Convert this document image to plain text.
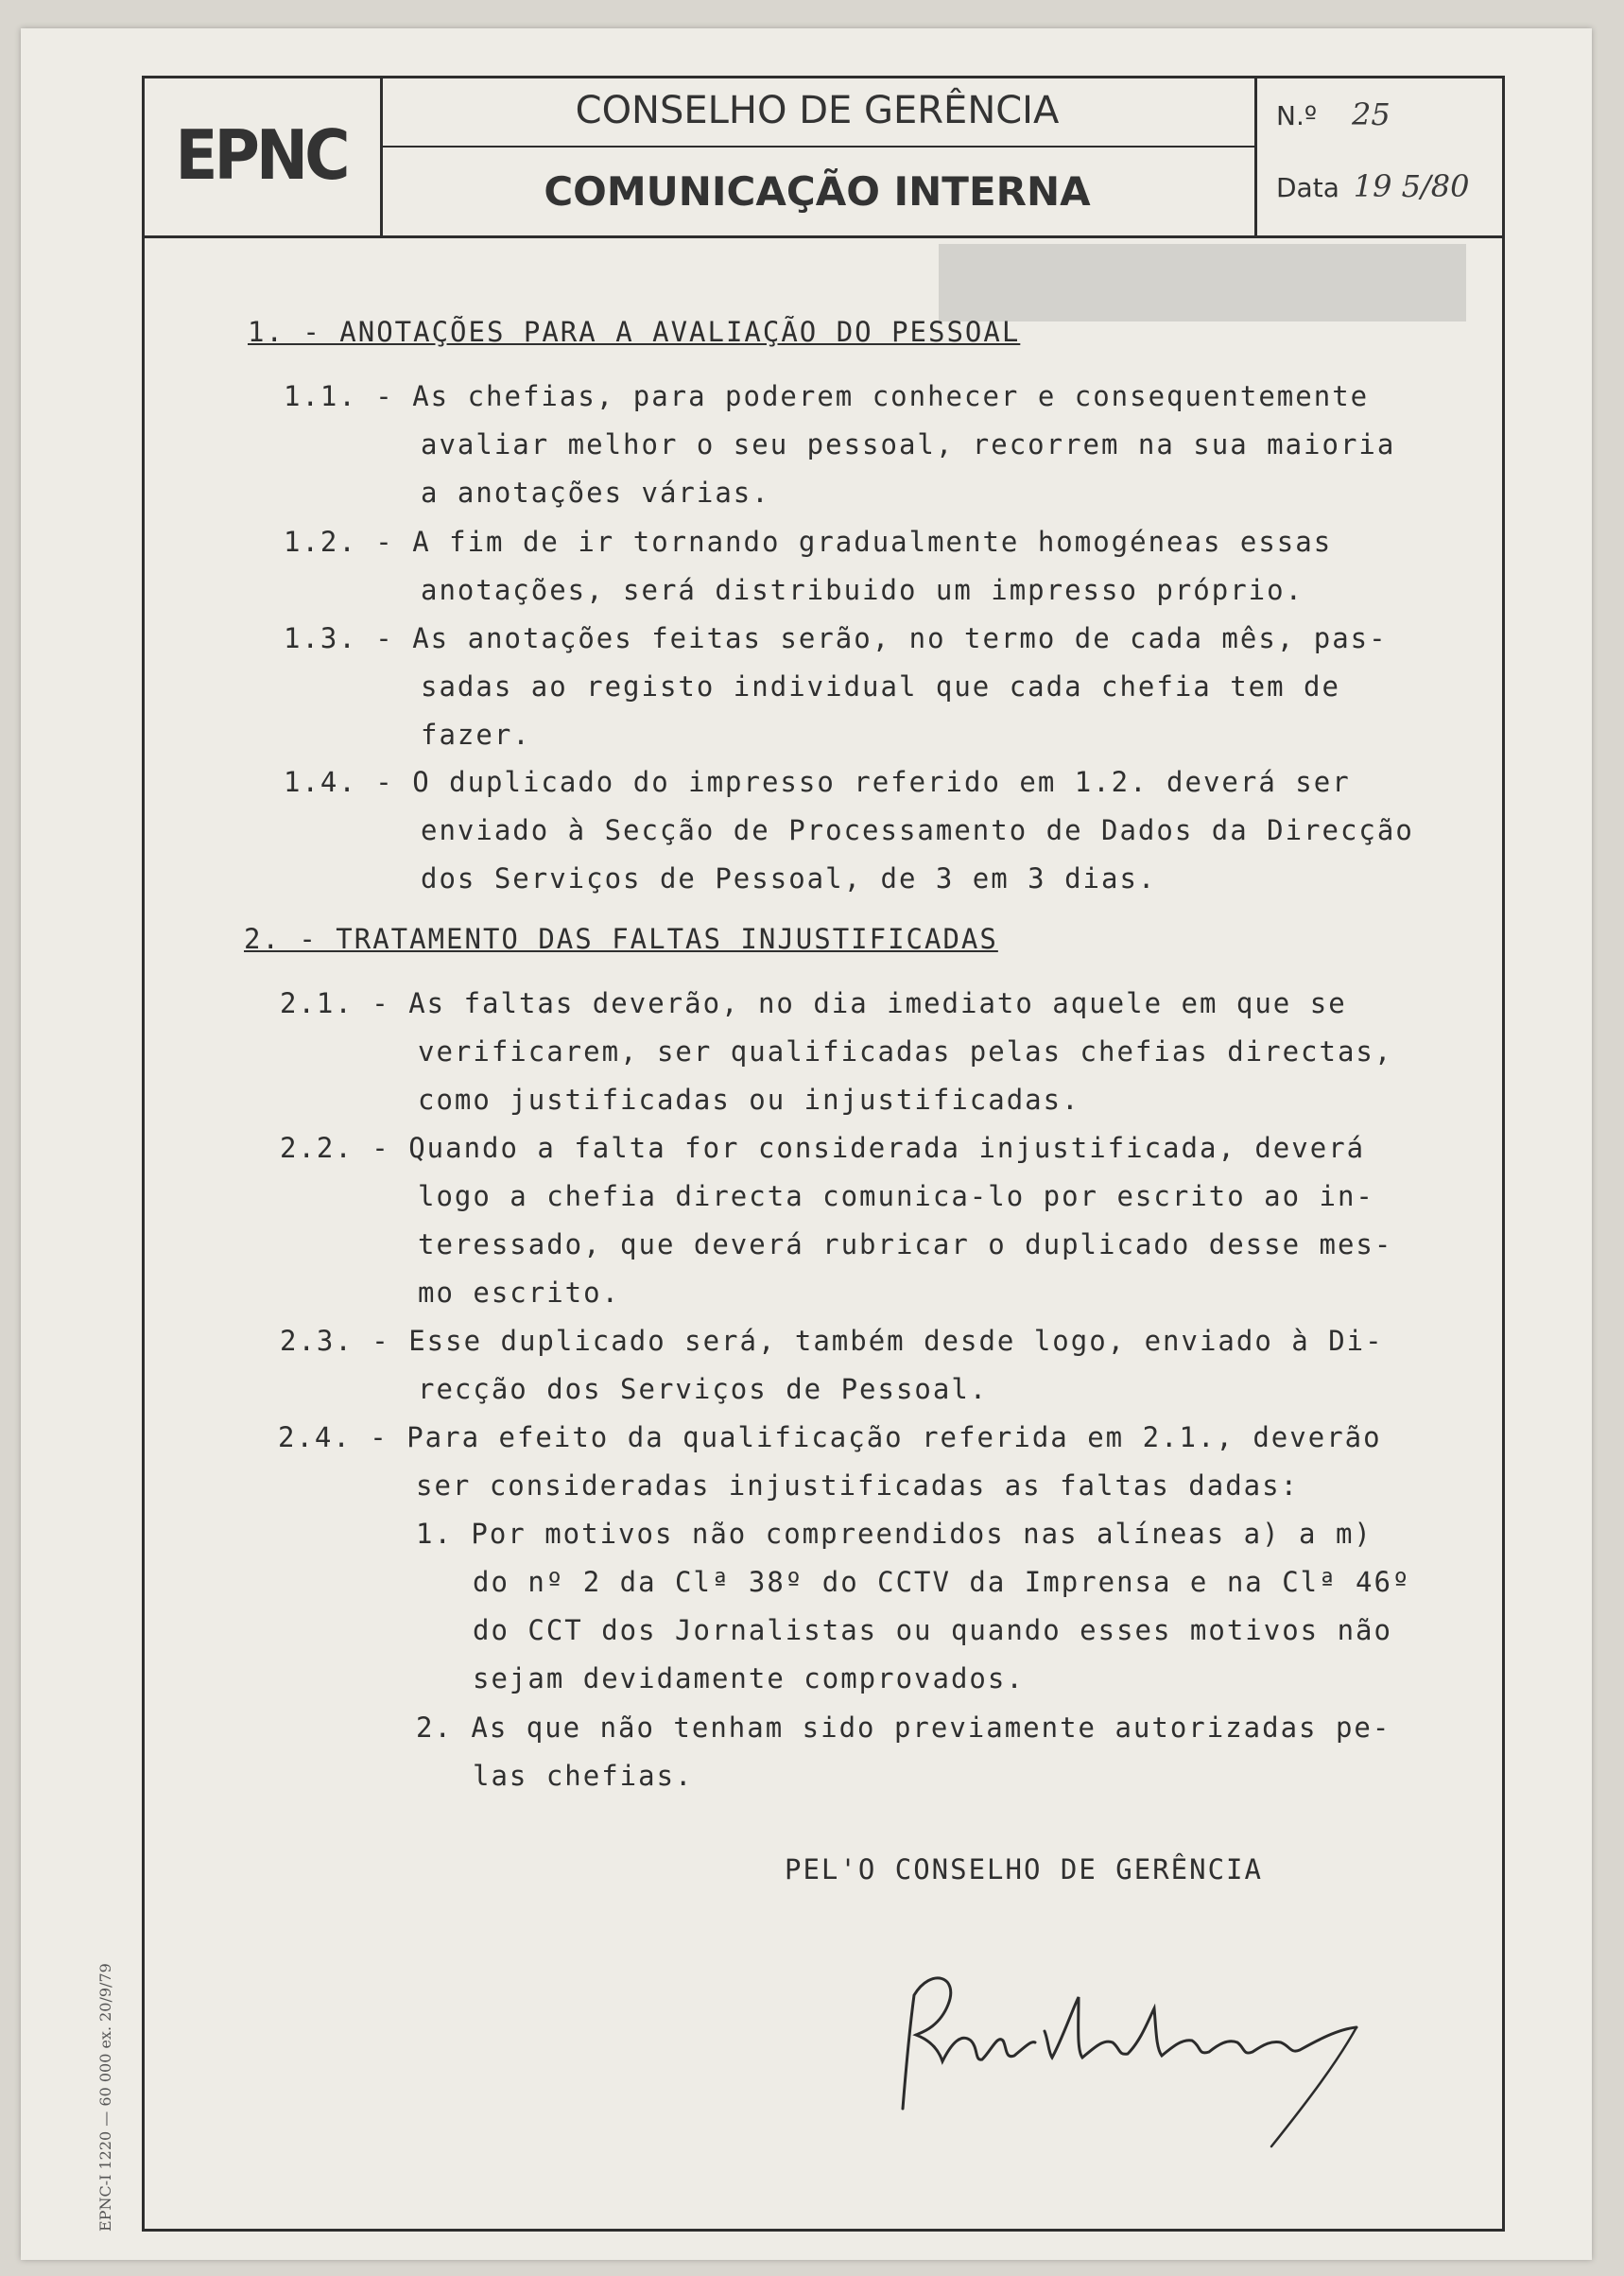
EPNC
CONSELHO DE GERÊNCIA
COMUNICAÇÃO INTERNA
N.º 25
Data 19 5/80
1. - ANOTAÇÕES PARA A AVALIAÇÃO DO PESSOAL
1.1. - As chefias, para poderem conhecer e consequentemente
avaliar melhor o seu pessoal, recorrem na sua maioria
a anotações várias.
1.2. - A fim de ir tornando gradualmente homogéneas essas
anotações, será distribuido um impresso próprio.
1.3. - As anotações feitas serão, no termo de cada mês, pas-
sadas ao registo individual que cada chefia tem de
fazer.
1.4. - O duplicado do impresso referido em 1.2. deverá ser
enviado à Secção de Processamento de Dados da Direcção
dos Serviços de Pessoal, de 3 em 3 dias.
2. - TRATAMENTO DAS FALTAS INJUSTIFICADAS
2.1. - As faltas deverão, no dia imediato aquele em que se
verificarem, ser qualificadas pelas chefias directas,
como justificadas ou injustificadas.
2.2. - Quando a falta for considerada injustificada, deverá
logo a chefia directa comunica-lo por escrito ao in-
teressado, que deverá rubricar o duplicado desse mes-
mo escrito.
2.3. - Esse duplicado será, também desde logo, enviado à Di-
recção dos Serviços de Pessoal.
2.4. - Para efeito da qualificação referida em 2.1., deverão
ser consideradas injustificadas as faltas dadas:
1. Por motivos não compreendidos nas alíneas a) a m)
do nº 2 da Clª 38º do CCTV da Imprensa e na Clª 46º
do CCT dos Jornalistas ou quando esses motivos não
sejam devidamente comprovados.
2. As que não tenham sido previamente autorizadas pe-
las chefias.
PEL'O CONSELHO DE GERÊNCIA
EPNC-I 1220 — 60 000 ex. 20/9/79
